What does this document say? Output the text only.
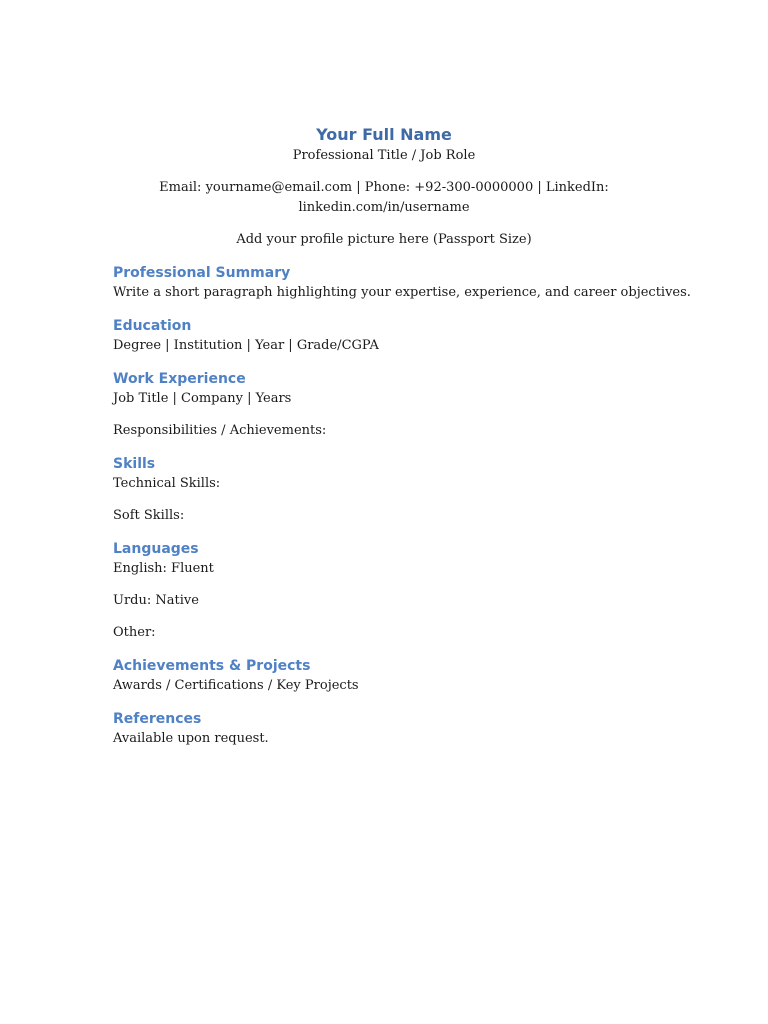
Your Full Name

Professional Title / Job Role

Email: yourname@email.com | Phone: +92-300-0000000 | LinkedIn:
linkedin.com/in/username

Add your profile picture here (Passport Size)

Professional Summary

Write a short paragraph highlighting your expertise, experience, and career objectives.

Education

Degree | Institution | Year | Grade/CGPA

Work Experience

Job Title | Company | Years

Responsibilities / Achievements:

Skills

Technical Skills:

Soft Skills:

Languages

English: Fluent

Urdu: Native

Other:

Achievements & Projects

Awards / Certifications / Key Projects

References

Available upon request.
